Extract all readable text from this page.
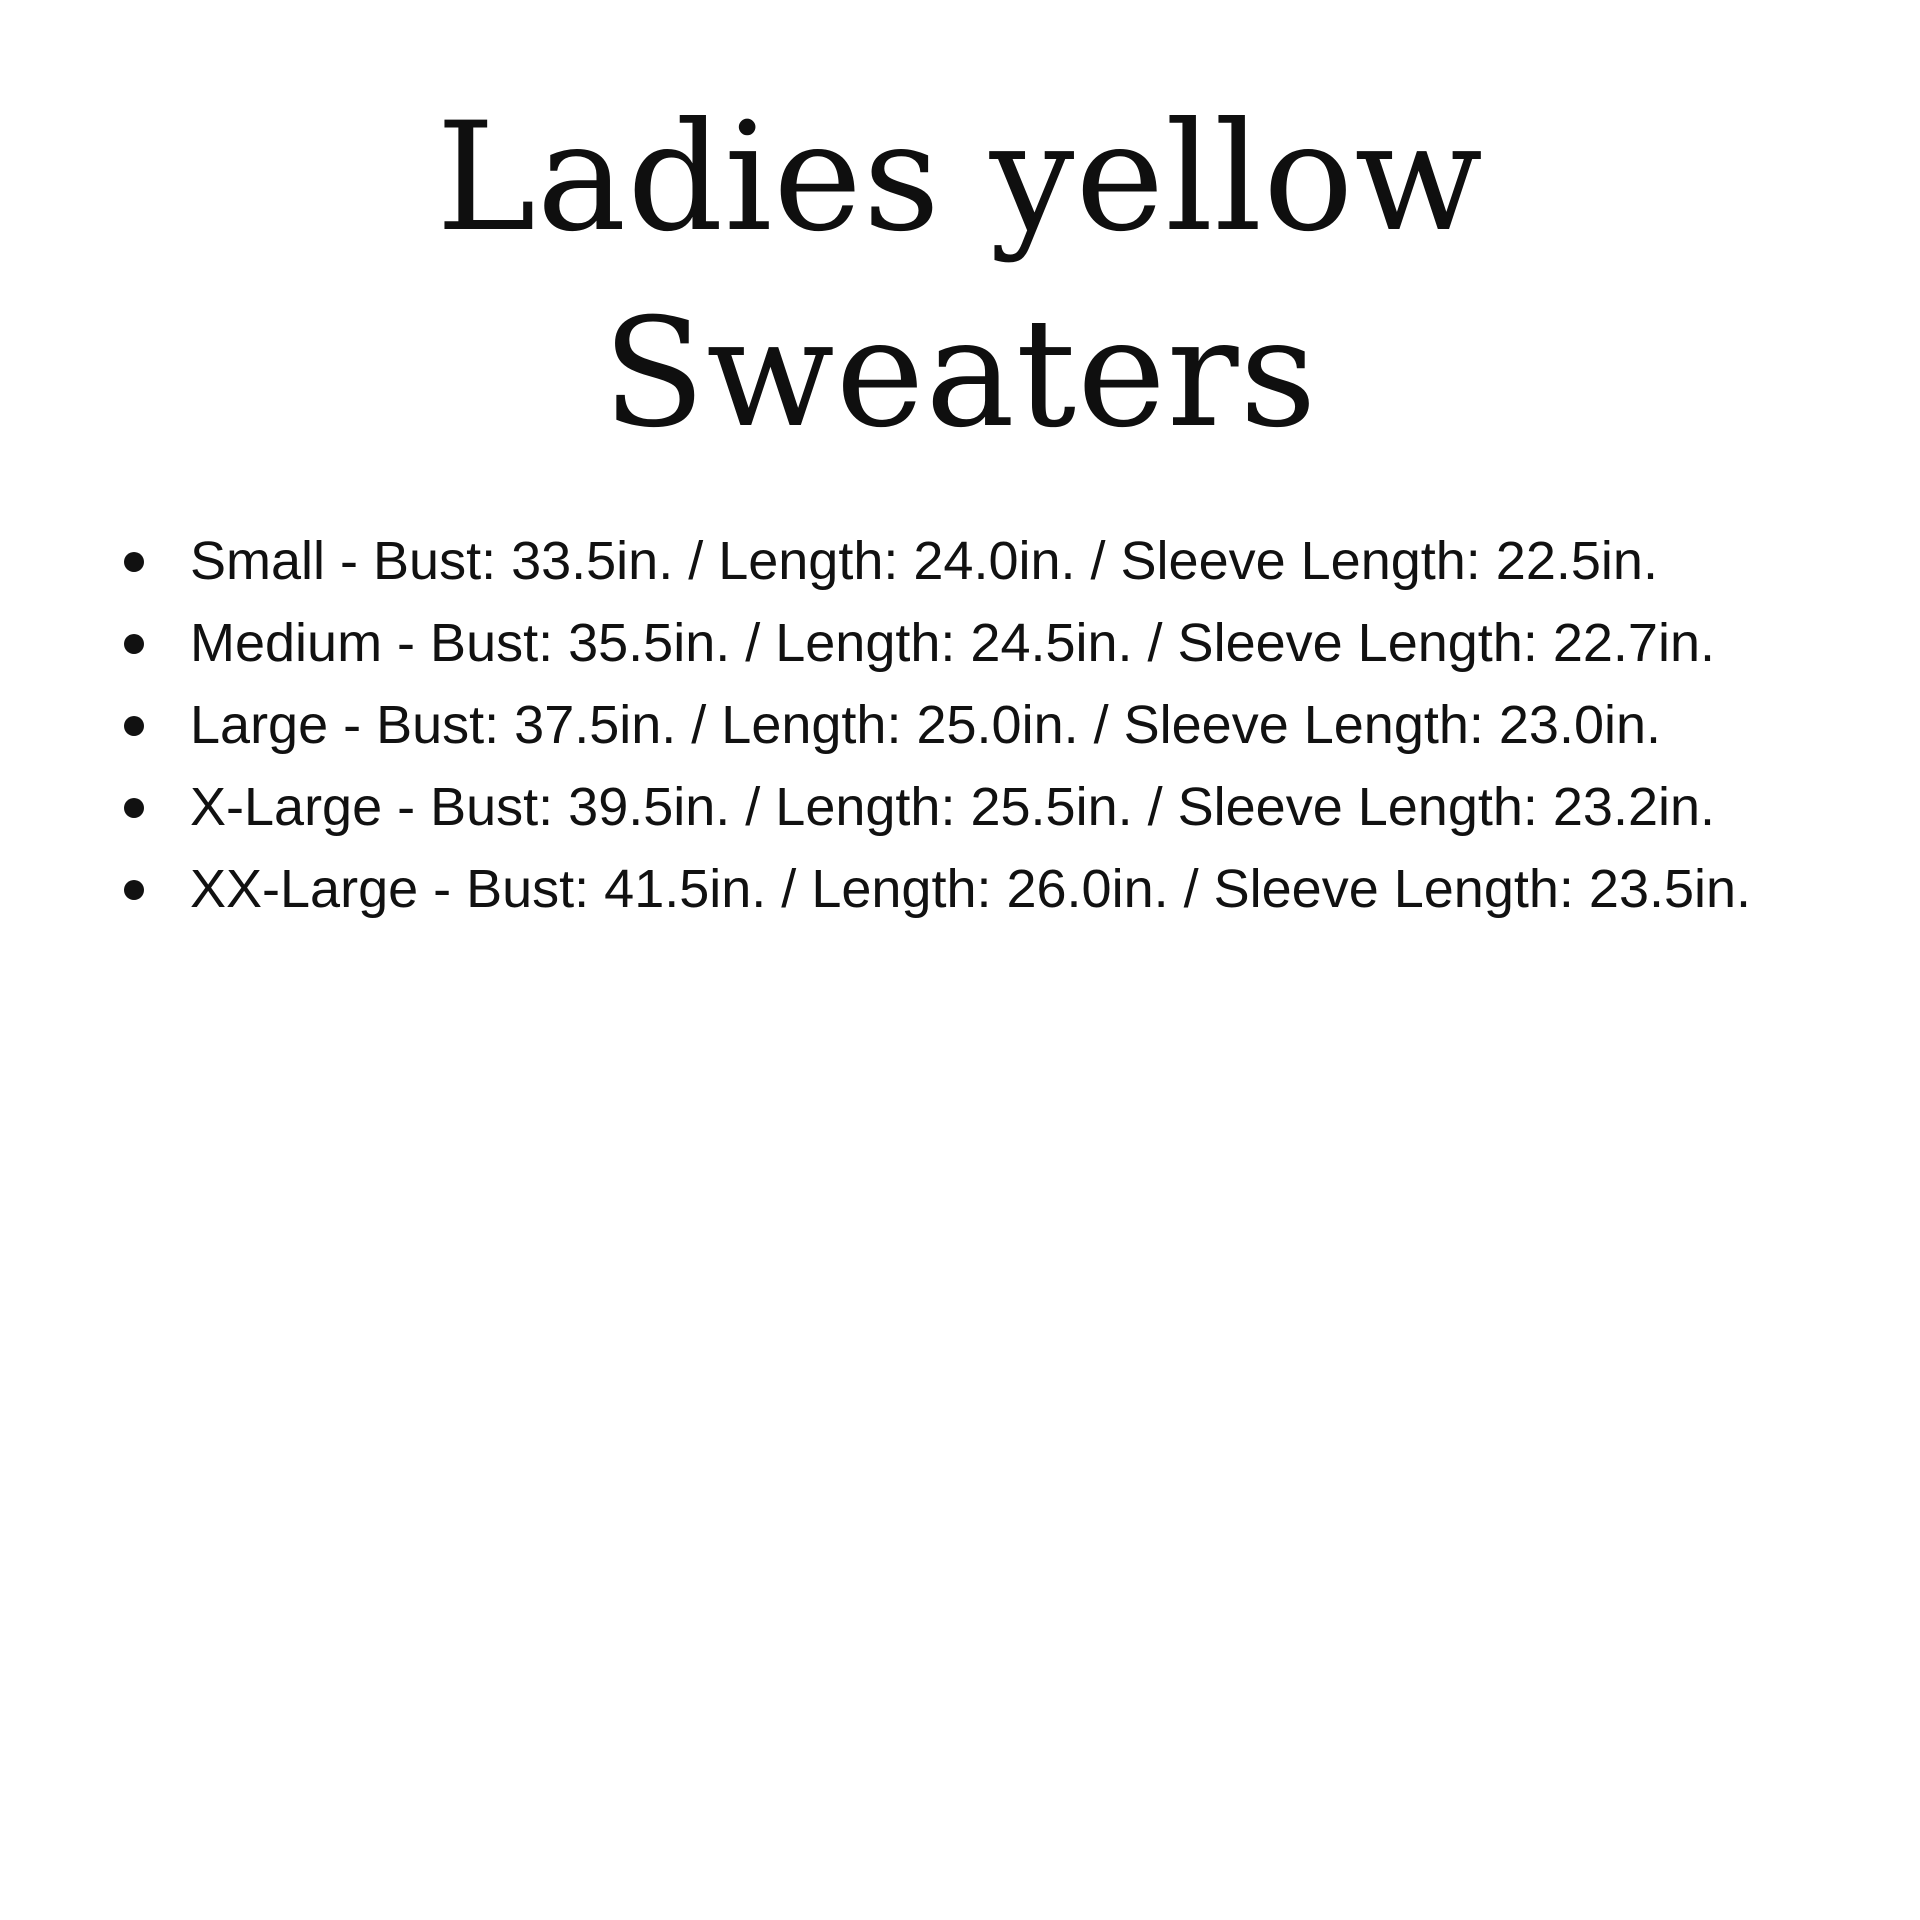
Ladies yellow
Sweaters
Small - Bust: 33.5in. / Length: 24.0in. / Sleeve Length: 22.5in.
Medium - Bust: 35.5in. / Length: 24.5in. / Sleeve Length: 22.7in.
Large - Bust: 37.5in. / Length: 25.0in. / Sleeve Length: 23.0in.
X-Large - Bust: 39.5in. / Length: 25.5in. / Sleeve Length: 23.2in.
XX-Large - Bust: 41.5in. / Length: 26.0in. / Sleeve Length: 23.5in.
